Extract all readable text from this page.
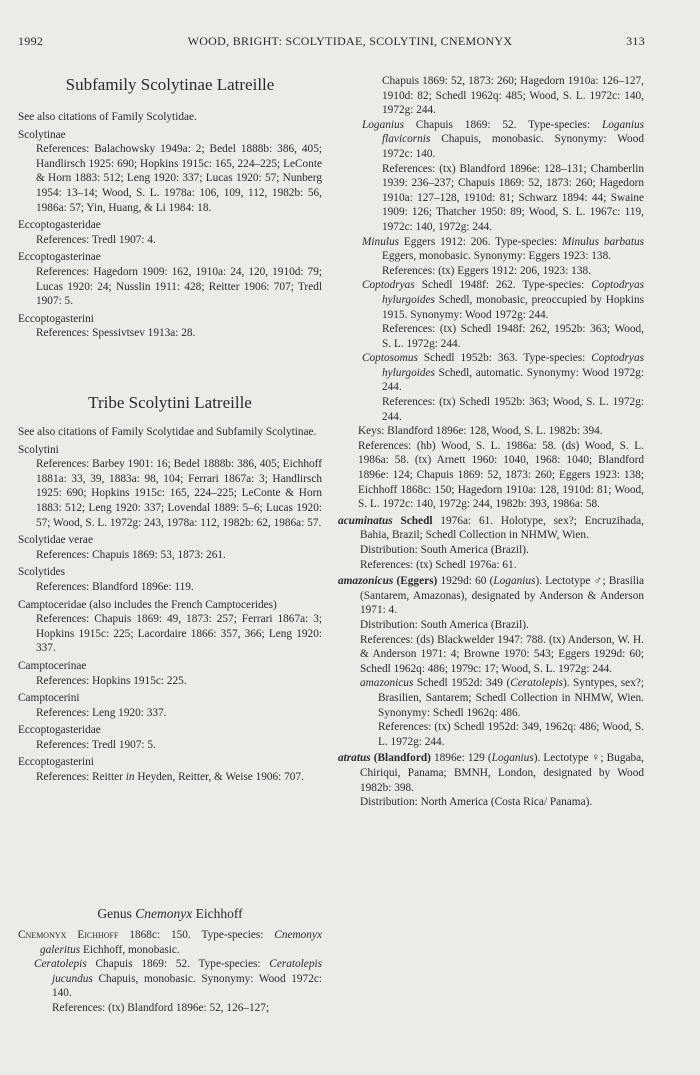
1992	WOOD, BRIGHT: SCOLYTIDAE, SCOLYTINI, CNEMONYX	313
Subfamily Scolytinae Latreille

See also citations of Family Scolytidae.

Scolytinae

References: Balachowsky 1949a: 2; Bedel 1888b: 386, 405; Handlirsch 1925: 690; Hopkins 1915c: 165, 224–225; LeConte & Horn 1883: 512; Leng 1920: 337; Lucas 1920: 57; Nunberg 1954: 13–14; Wood, S. L. 1978a: 106, 109, 112, 1982b: 56, 1986a: 57; Yin, Huang, & Li 1984: 18.

Eccoptogasteridae

References: Tredl 1907: 4.

Eccoptogasterinae

References: Hagedorn 1909: 162, 1910a: 24, 120, 1910d: 79; Lucas 1920: 24; Nusslin 1911: 428; Reitter 1906: 707; Tredl 1907: 5.

Eccoptogasterini

References: Spessivtsev 1913a: 28.

Tribe Scolytini Latreille

See also citations of Family Scolytidae and Subfamily Scolytinae.

Scolytini

References: Barbey 1901: 16; Bedel 1888b: 386, 405; Eichhoff 1881a: 33, 39, 1883a: 98, 104; Ferrari 1867a: 3; Handlirsch 1925: 690; Hopkins 1915c: 165, 224–225; LeConte & Horn 1883: 512; Leng 1920: 337; Lovendal 1889: 5–6; Lucas 1920: 57; Wood, S. L. 1972g: 243, 1978a: 112, 1982b: 62, 1986a: 57.

Scolytidae verae

References: Chapuis 1869: 53, 1873: 261.

Scolytides

References: Blandford 1896e: 119.

Camptoceridae (also includes the French Camptocerides)

References: Chapuis 1869: 49, 1873: 257; Ferrari 1867a: 3; Hopkins 1915c: 225; Lacordaire 1866: 357, 366; Leng 1920: 337.

Camptocerinae

References: Hopkins 1915c: 225.

Camptocerini

References: Leng 1920: 337.

Eccoptogasteridae

References: Tredl 1907: 5.

Eccoptogasterini

References: Reitter in Heyden, Reitter, & Weise 1906: 707.

Genus Cnemonyx Eichhoff

Cnemonyx Eichhoff 1868c: 150. Type-species: Cnemonyx galeritus Eichhoff, monobasic.

Ceratolepis Chapuis 1869: 52. Type-species: Ceratolepis jucundus Chapuis, monobasic. Synonymy: Wood 1972c: 140.

References: (tx) Blandford 1896e: 52, 126–127;

Chapuis 1869: 52, 1873: 260; Hagedorn 1910a: 126–127, 1910d: 82; Schedl 1962q: 485; Wood, S. L. 1972c: 140, 1972g: 244.

Loganius Chapuis 1869: 52. Type-species: Loganius flavicornis Chapuis, monobasic. Synonymy: Wood 1972c: 140.

References: (tx) Blandford 1896e: 128–131; Chamberlin 1939: 236–237; Chapuis 1869: 52, 1873: 260; Hagedorn 1910a: 127–128, 1910d: 81; Schwarz 1894: 44; Swaine 1909: 126; Thatcher 1950: 89; Wood, S. L. 1967c: 119, 1972c: 140, 1972g: 244.

Minulus Eggers 1912: 206. Type-species: Minulus barbatus Eggers, monobasic. Synonymy: Eggers 1923: 138.

References: (tx) Eggers 1912: 206, 1923: 138.

Coptodryas Schedl 1948f: 262. Type-species: Coptodryas hylurgoides Schedl, monobasic, preoccupied by Hopkins 1915. Synonymy: Wood 1972g: 244.

References: (tx) Schedl 1948f: 262, 1952b: 363; Wood, S. L. 1972g: 244.

Coptosomus Schedl 1952b: 363. Type-species: Coptodryas hylurgoides Schedl, automatic. Synonymy: Wood 1972g: 244.

References: (tx) Schedl 1952b: 363; Wood, S. L. 1972g: 244.

Keys: Blandford 1896e: 128, Wood, S. L. 1982b: 394.

References: (hb) Wood, S. L. 1986a: 58. (ds) Wood, S. L. 1986a: 58. (tx) Arnett 1960: 1040, 1968: 1040; Blandford 1896e: 124; Chapuis 1869: 52, 1873: 260; Eggers 1923: 138; Eichhoff 1868c: 150; Hagedorn 1910a: 128, 1910d: 81; Wood, S. L. 1972c: 140, 1972g: 244, 1982b: 393, 1986a: 58.

acuminatus Schedl 1976a: 61. Holotype, sex?; Encruzihada, Bahia, Brazil; Schedl Collection in NHMW, Wien.

Distribution: South America (Brazil).

References: (tx) Schedl 1976a: 61.

amazonicus (Eggers) 1929d: 60 (Loganius). Lectotype ♂; Brasilia (Santarem, Amazonas), designated by Anderson & Anderson 1971: 4.

Distribution: South America (Brazil).

References: (ds) Blackwelder 1947: 788. (tx) Anderson, W. H. & Anderson 1971: 4; Browne 1970: 543; Eggers 1929d: 60; Schedl 1962q: 486; 1979c: 17; Wood, S. L. 1972g: 244.

amazonicus Schedl 1952d: 349 (Ceratolepis). Syntypes, sex?; Brasilien, Santarem; Schedl Collection in NHMW, Wien. Synonymy: Schedl 1962q: 486.

References: (tx) Schedl 1952d: 349, 1962q: 486; Wood, S. L. 1972g: 244.

atratus (Blandford) 1896e: 129 (Loganius). Lectotype ♀; Bugaba, Chiriqui, Panama; BMNH, London, designated by Wood 1982b: 398.

Distribution: North America (Costa Rica/ Panama).
